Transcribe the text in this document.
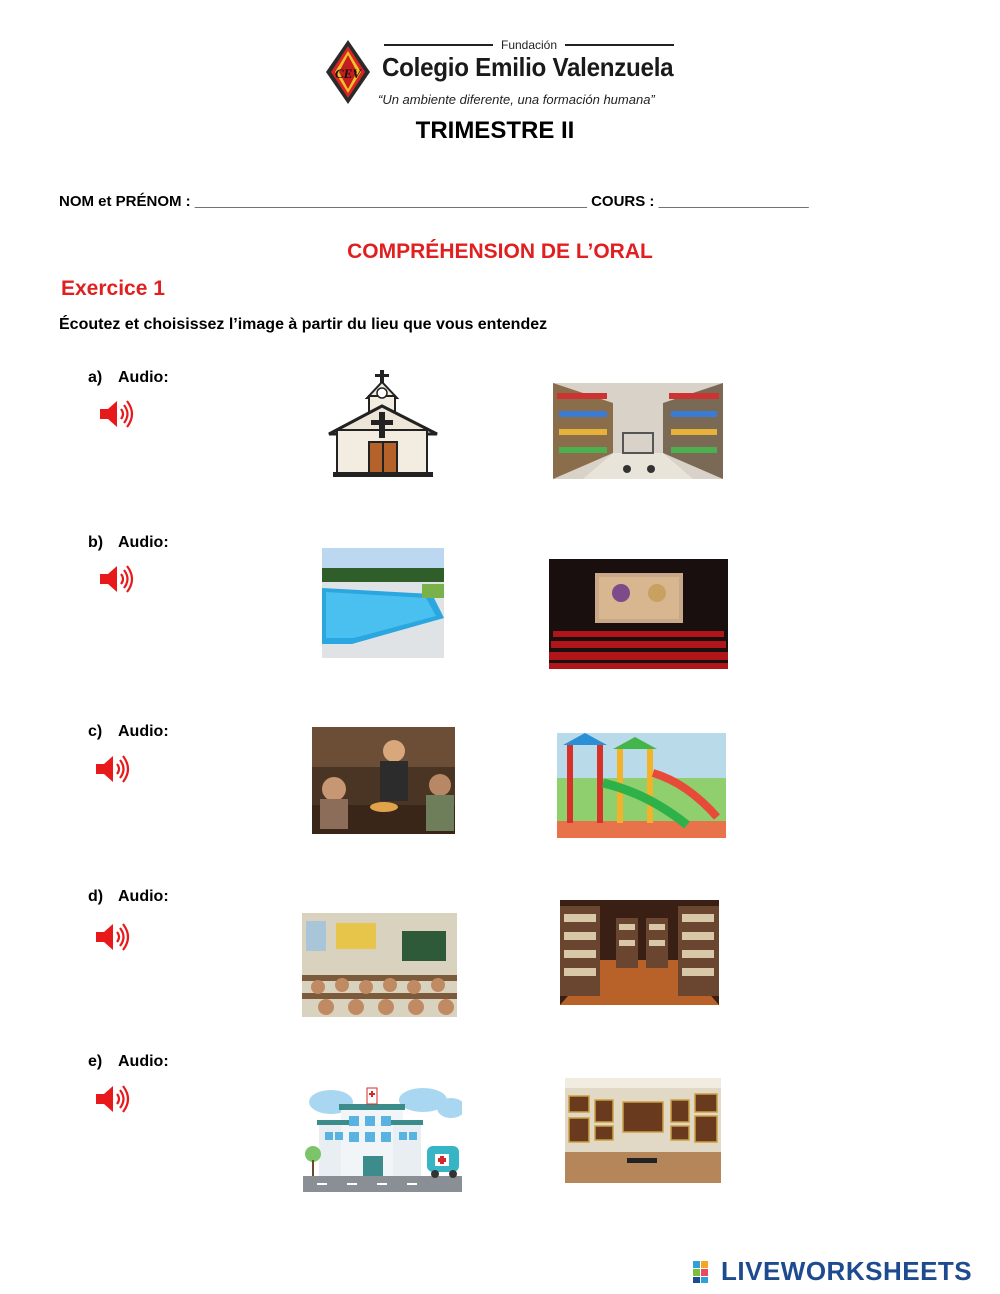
CEV
Fundación
Colegio Emilio Valenzuela
“Un ambiente diferente, una formación humana”
TRIMESTRE II
NOM et PRÉNOM : _______________________________________________ COURS : __________________
COMPRÉHENSION DE L’ORAL
Exercice 1
Écoutez et choisissez l’image à partir du lieu que vous entendez
a) Audio:
b) Audio:
c) Audio:
d) Audio:
e) Audio:
LIVEWORKSHEETS
